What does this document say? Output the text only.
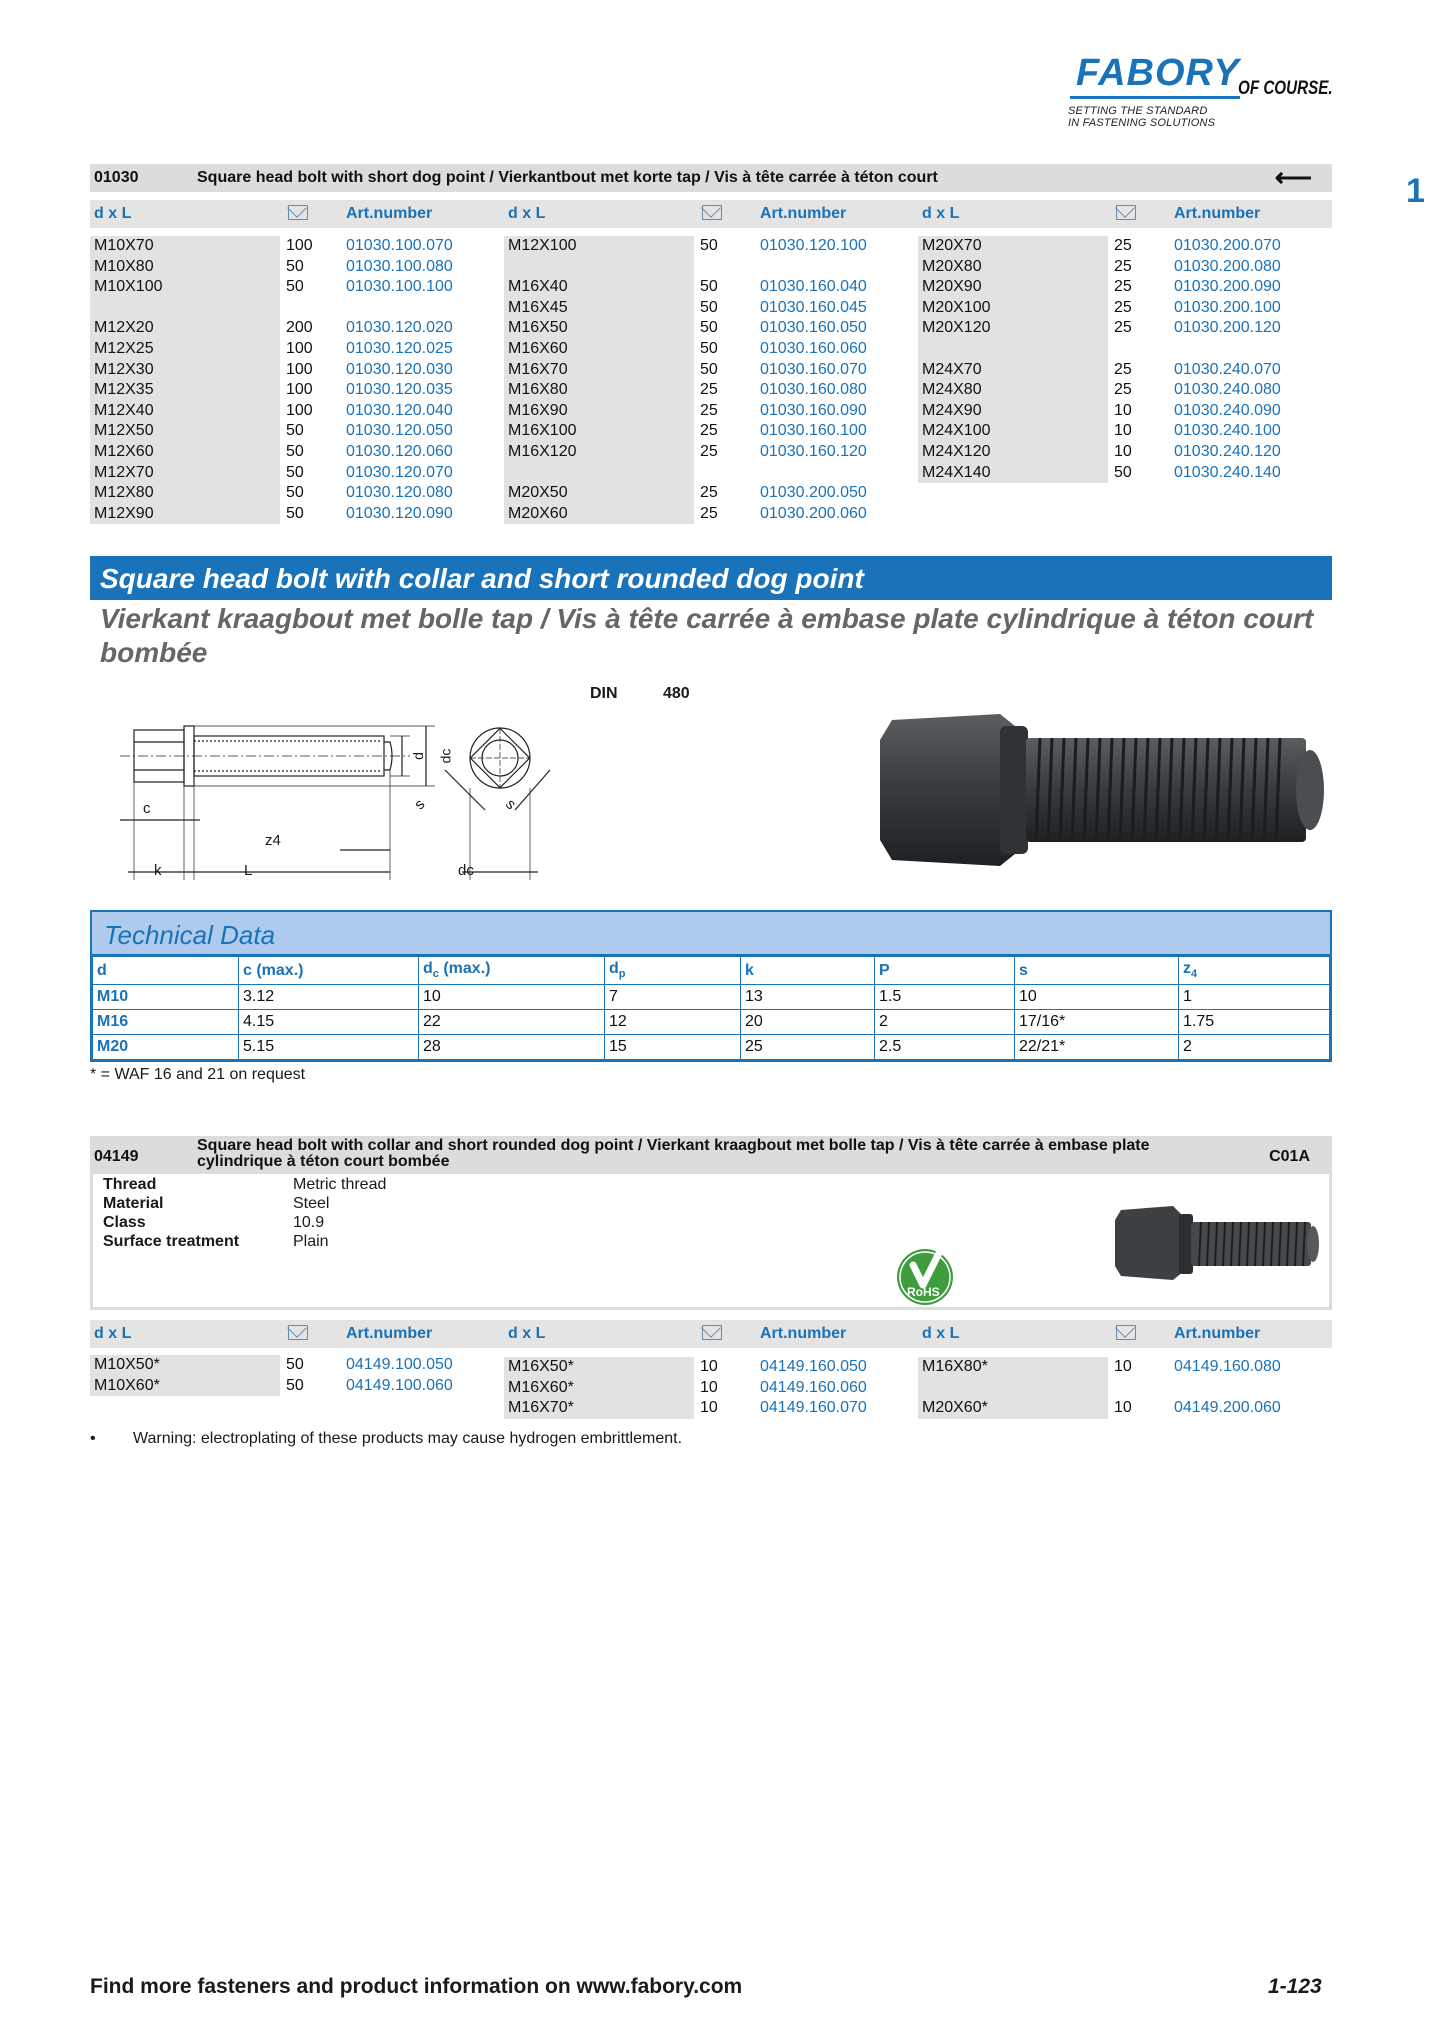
FABORY
OF COURSE.
SETTING THE STANDARD
IN FASTENING SOLUTIONS
1
01030	Square head bolt with short dog point / Vierkantbout met korte tap / Vis à tête carrée à téton court	⟵
d x L	Art.number	d x L	Art.number	d x L	Art.number
M10X70	100 01030.100.070
M10X80	50	01030.100.080
M10X100	50	01030.100.100
M12X20	200 01030.120.020
M12X25	100 01030.120.025
M12X30	100 01030.120.030
M12X35	100 01030.120.035
M12X40	100 01030.120.040
M12X50	50	01030.120.050
M12X60	50	01030.120.060
M12X70	50	01030.120.070
M12X80	50	01030.120.080
M12X90	50	01030.120.090
M12X100	50	01030.120.100
M16X40	50	01030.160.040
M16X45	50	01030.160.045
M16X50	50	01030.160.050
M16X60	50	01030.160.060
M16X70	50	01030.160.070
M16X80	25	01030.160.080
M16X90	25	01030.160.090
M16X100	25	01030.160.100
M16X120	25	01030.160.120
M20X50	25	01030.200.050
M20X60	25	01030.200.060
M20X70	25	01030.200.070
M20X80	25	01030.200.080
M20X90	25	01030.200.090
M20X100	25	01030.200.100
M20X120	25	01030.200.120
M24X70	25	01030.240.070
M24X80	25	01030.240.080
M24X90	10	01030.240.090
M24X100	10	01030.240.100
M24X120	10	01030.240.120
M24X140	50	01030.240.140
Square head bolt with collar and short rounded dog point
Vierkant kraagbout met bolle tap / Vis à tête carrée à embase plate cylindrique à téton court bombée
DIN	480
d dc
c
z4
k	L
s	s
dc
Technical Data
d	c (max.)	$d_c$ (max.)	$d_p$	k	P	s	$z_4$
M10	3.12	10	7	13	1.5	10	1
M16	4.15	22	12	20	2	17/16*	1.75
M20	5.15	28	15	25	2.5	22/21*	2
* = WAF 16 and 21 on request
04149
Square head bolt with collar and short rounded dog point / Vierkant kraagbout met bolle tap / Vis à tête carrée à embase plate cylindrique à téton court bombée	C01A
Thread	Metric thread
Material	Steel
Class	10.9
Surface treatment	Plain
RoHS
d x L	Art.number	d x L	Art.number	d x L	Art.number
M10X50*	50	04149.100.050
M10X60*	50	04149.100.060
M16X50*	10	04149.160.050
M16X60*	10	04149.160.060
M16X70*	10	04149.160.070
M16X80*	10	04149.160.080
M20X60*	10	04149.200.060
• Warning: electroplating of these products may cause hydrogen embrittlement.
Find more fasteners and product information on www.fabory.com	1-123
